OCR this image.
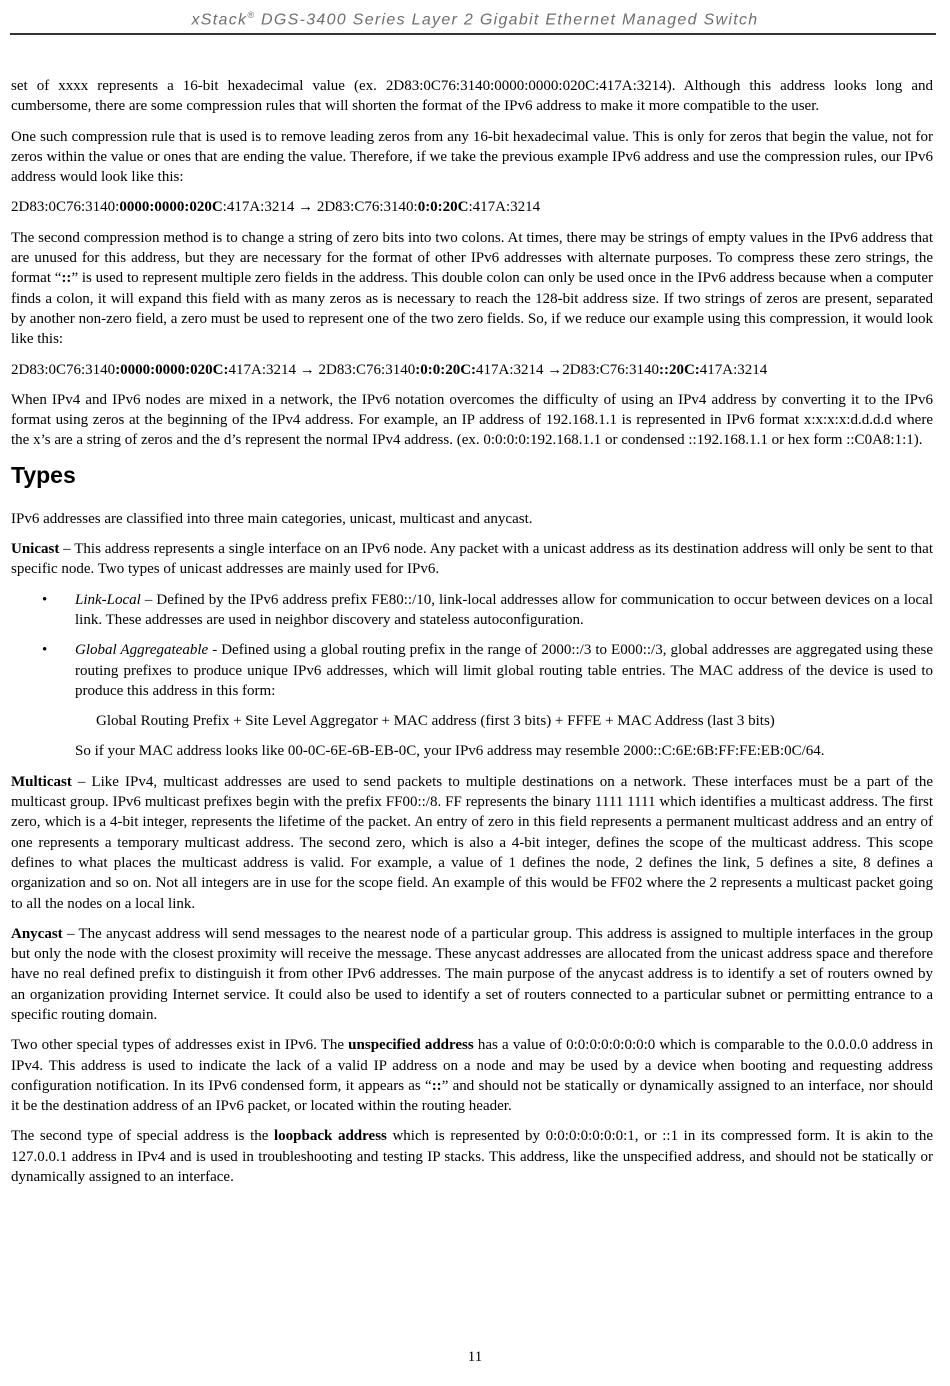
xStack® DGS-3400 Series Layer 2 Gigabit Ethernet Managed Switch

set of xxxx represents a 16-bit hexadecimal value (ex. 2D83:0C76:3140:0000:0000:020C:417A:3214). Although this address looks long and cumbersome, there are some compression rules that will shorten the format of the IPv6 address to make it more compatible to the user.

One such compression rule that is used is to remove leading zeros from any 16-bit hexadecimal value. This is only for zeros that begin the value, not for zeros within the value or ones that are ending the value. Therefore, if we take the previous example IPv6 address and use the compression rules, our IPv6 address would look like this:

2D83:0C76:3140:0000:0000:020C:417A:3214 → 2D83:C76:3140:0:0:20C:417A:3214

The second compression method is to change a string of zero bits into two colons. At times, there may be strings of empty values in the IPv6 address that are unused for this address, but they are necessary for the format of other IPv6 addresses with alternate purposes. To compress these zero strings, the format “::” is used to represent multiple zero fields in the address. This double colon can only be used once in the IPv6 address because when a computer finds a colon, it will expand this field with as many zeros as is necessary to reach the 128-bit address size. If two strings of zeros are present, separated by another non-zero field, a zero must be used to represent one of the two zero fields. So, if we reduce our example using this compression, it would look like this:

2D83:0C76:3140:0000:0000:020C:417A:3214 → 2D83:C76:3140:0:0:20C:417A:3214 →2D83:C76:3140::20C:417A:3214

When IPv4 and IPv6 nodes are mixed in a network, the IPv6 notation overcomes the difficulty of using an IPv4 address by converting it to the IPv6 format using zeros at the beginning of the IPv4 address. For example, an IP address of 192.168.1.1 is represented in IPv6 format x:x:x:x:d.d.d.d where the x’s are a string of zeros and the d’s represent the normal IPv4 address. (ex. 0:0:0:0:192.168.1.1 or condensed ::192.168.1.1 or hex form ::C0A8:1:1).

Types

IPv6 addresses are classified into three main categories, unicast, multicast and anycast.

Unicast – This address represents a single interface on an IPv6 node. Any packet with a unicast address as its destination address will only be sent to that specific node. Two types of unicast addresses are mainly used for IPv6.

• Link-Local – Defined by the IPv6 address prefix FE80::/10, link-local addresses allow for communication to occur between devices on a local link. These addresses are used in neighbor discovery and stateless autoconfiguration.
• Global Aggregateable - Defined using a global routing prefix in the range of 2000::/3 to E000::/3, global addresses are aggregated using these routing prefixes to produce unique IPv6 addresses, which will limit global routing table entries. The MAC address of the device is used to produce this address in this form:

Global Routing Prefix + Site Level Aggregator + MAC address (first 3 bits) + FFFE + MAC Address (last 3 bits)

So if your MAC address looks like 00-0C-6E-6B-EB-0C, your IPv6 address may resemble 2000::C:6E:6B:FF:FE:EB:0C/64.

Multicast – Like IPv4, multicast addresses are used to send packets to multiple destinations on a network. These interfaces must be a part of the multicast group. IPv6 multicast prefixes begin with the prefix FF00::/8. FF represents the binary 1111 1111 which identifies a multicast address. The first zero, which is a 4-bit integer, represents the lifetime of the packet. An entry of zero in this field represents a permanent multicast address and an entry of one represents a temporary multicast address. The second zero, which is also a 4-bit integer, defines the scope of the multicast address. This scope defines to what places the multicast address is valid. For example, a value of 1 defines the node, 2 defines the link, 5 defines a site, 8 defines a organization and so on. Not all integers are in use for the scope field. An example of this would be FF02 where the 2 represents a multicast packet going to all the nodes on a local link.

Anycast – The anycast address will send messages to the nearest node of a particular group. This address is assigned to multiple interfaces in the group but only the node with the closest proximity will receive the message. These anycast addresses are allocated from the unicast address space and therefore have no real defined prefix to distinguish it from other IPv6 addresses. The main purpose of the anycast address is to identify a set of routers owned by an organization providing Internet service. It could also be used to identify a set of routers connected to a particular subnet or permitting entrance to a specific routing domain.

Two other special types of addresses exist in IPv6. The unspecified address has a value of 0:0:0:0:0:0:0:0 which is comparable to the 0.0.0.0 address in IPv4. This address is used to indicate the lack of a valid IP address on a node and may be used by a device when booting and requesting address configuration notification. In its IPv6 condensed form, it appears as “::” and should not be statically or dynamically assigned to an interface, nor should it be the destination address of an IPv6 packet, or located within the routing header.

The second type of special address is the loopback address which is represented by 0:0:0:0:0:0:0:1, or ::1 in its compressed form. It is akin to the 127.0.0.1 address in IPv4 and is used in troubleshooting and testing IP stacks. This address, like the unspecified address, and should not be statically or dynamically assigned to an interface.

11
